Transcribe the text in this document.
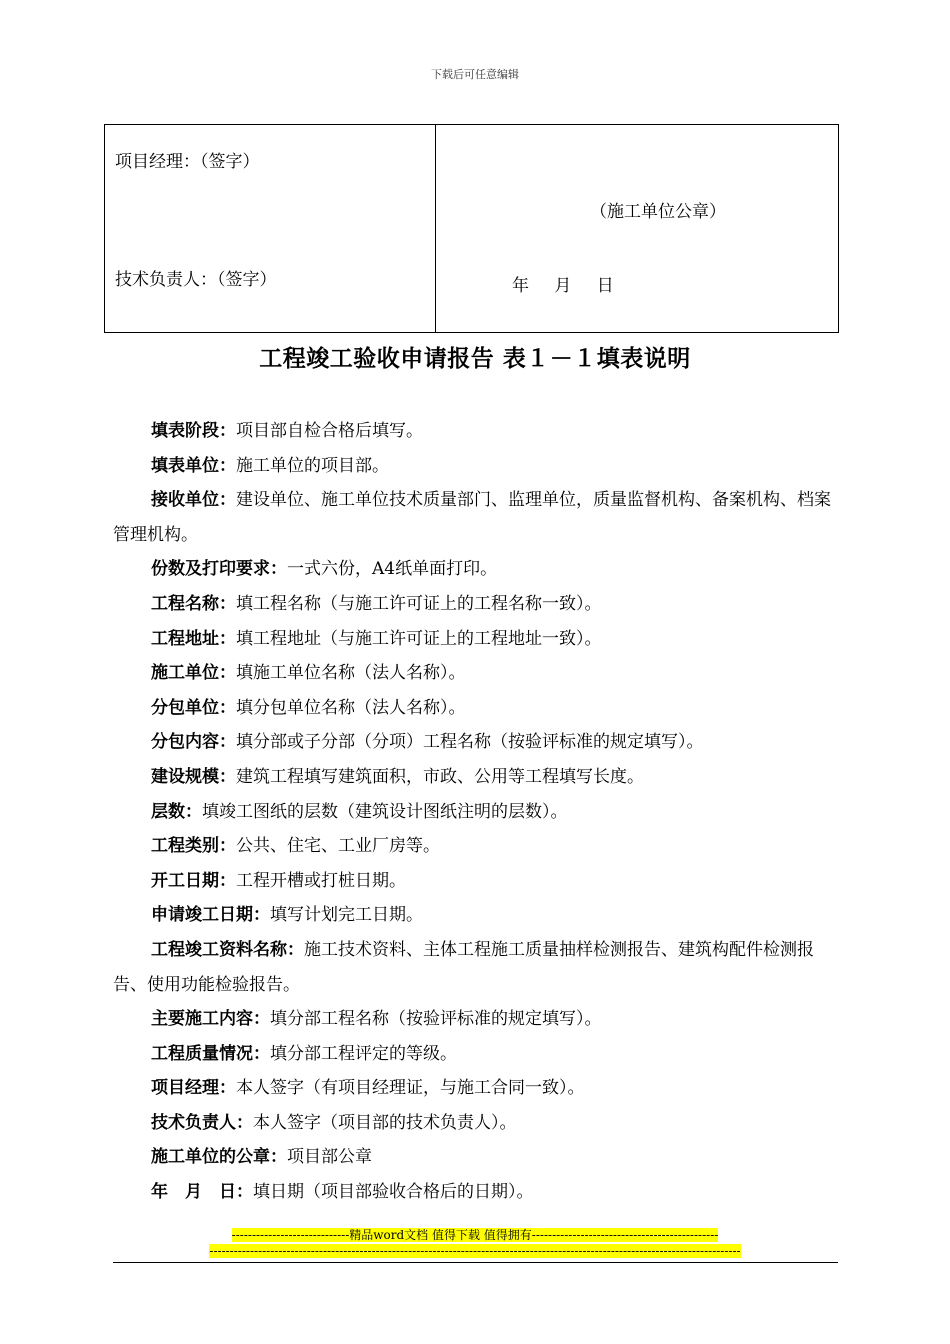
下载后可任意编辑
项目经理：（签字）
技术负责人：（签字）
（施工单位公章）
年 月 日
工程竣工验收申请报告 表１－１填表说明

填表阶段：项目部自检合格后填写。

填表单位：施工单位的项目部。

接收单位：建设单位、施工单位技术质量部门、监理单位，质量监督机构、备案机构、档案管理机构。

份数及打印要求：一式六份，A4纸单面打印。

工程名称：填工程名称（与施工许可证上的工程名称一致）。

工程地址：填工程地址（与施工许可证上的工程地址一致）。

施工单位：填施工单位名称（法人名称）。

分包单位：填分包单位名称（法人名称）。

分包内容：填分部或子分部（分项）工程名称（按验评标准的规定填写）。

建设规模：建筑工程填写建筑面积，市政、公用等工程填写长度。

层数：填竣工图纸的层数（建筑设计图纸注明的层数）。

工程类别：公共、住宅、工业厂房等。

开工日期：工程开槽或打桩日期。

申请竣工日期：填写计划完工日期。

工程竣工资料名称：施工技术资料、主体工程施工质量抽样检测报告、建筑构配件检测报告、使用功能检验报告。

主要施工内容：填分部工程名称（按验评标准的规定填写）。

工程质量情况：填分部工程评定的等级。

项目经理：本人签字（有项目经理证，与施工合同一致）。

技术负责人：本人签字（项目部的技术负责人）。

施工单位的公章：项目部公章

年　月　日：填日期（项目部验收合格后的日期）。

-----------------------------精品word文档 值得下载 值得拥有----------------------------------------------
-----------------------------------------------------------------------------------------------------------------------------------
